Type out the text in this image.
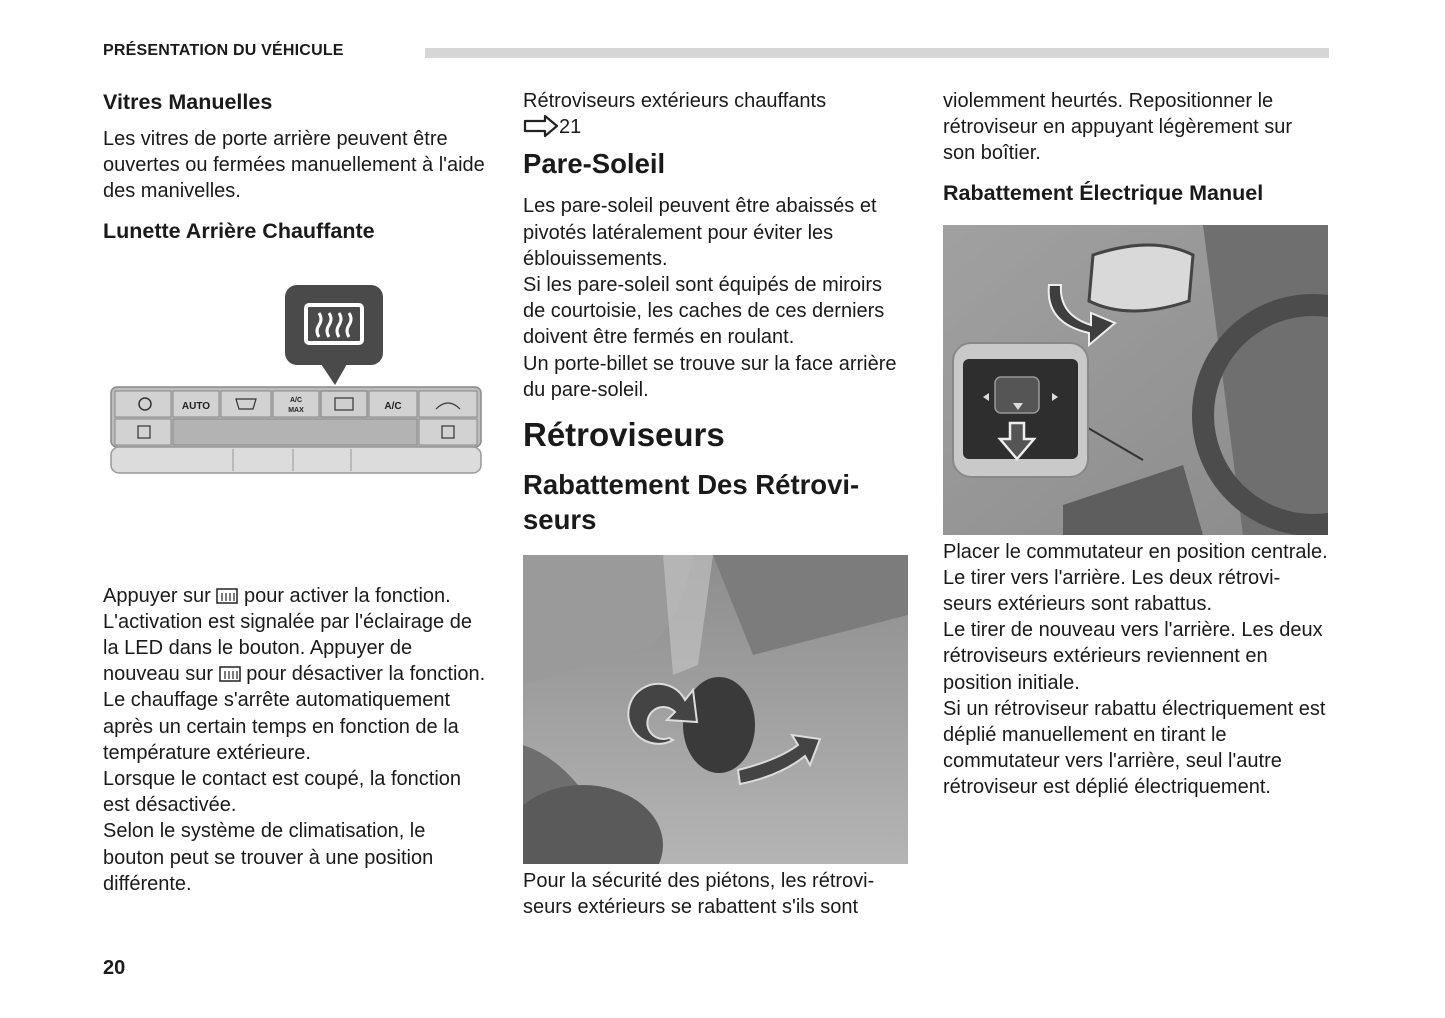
PRÉSENTATION DU VÉHICULE
Vitres Manuelles

Les vitres de porte arrière peuvent être ouvertes ou fermées manuellement à l'aide des manivelles.

Lunette Arrière Chauffante
AUTO
A/C
MAX	A/C

Appuyer sur  pour activer la fonction. L'activation est signalée par l'éclairage de la LED dans le bouton. Appuyer de nouveau sur  pour désactiver la fonction.

Le chauffage s'arrête automatiquement après un certain temps en fonction de la température extérieure.

Lorsque le contact est coupé, la fonction est désactivée.

Selon le système de climatisation, le bouton peut se trouver à une position différente.

Rétroviseurs extérieurs chauffants

21

Pare-Soleil

Les pare-soleil peuvent être abaissés et pivotés latéralement pour éviter les éblouissements.

Si les pare-soleil sont équipés de miroirs de courtoisie, les caches de ces derniers doivent être fermés en roulant.

Un porte-billet se trouve sur la face arrière du pare-soleil.

Rétroviseurs
Rabattement Des Rétrovi-
seurs

Pour la sécurité des piétons, les rétrovi- seurs extérieurs se rabattent s'ils sont

violemment heurtés. Repositionner le rétroviseur en appuyant légèrement sur son boîtier.

Rabattement Électrique Manuel

Placer le commutateur en position centrale.

Le tirer vers l'arrière. Les deux rétrovi- seurs extérieurs sont rabattus.

Le tirer de nouveau vers l'arrière. Les deux rétroviseurs extérieurs reviennent en position initiale.

Si un rétroviseur rabattu électriquement est déplié manuellement en tirant le commutateur vers l'arrière, seul l'autre rétroviseur est déplié électriquement.

20
